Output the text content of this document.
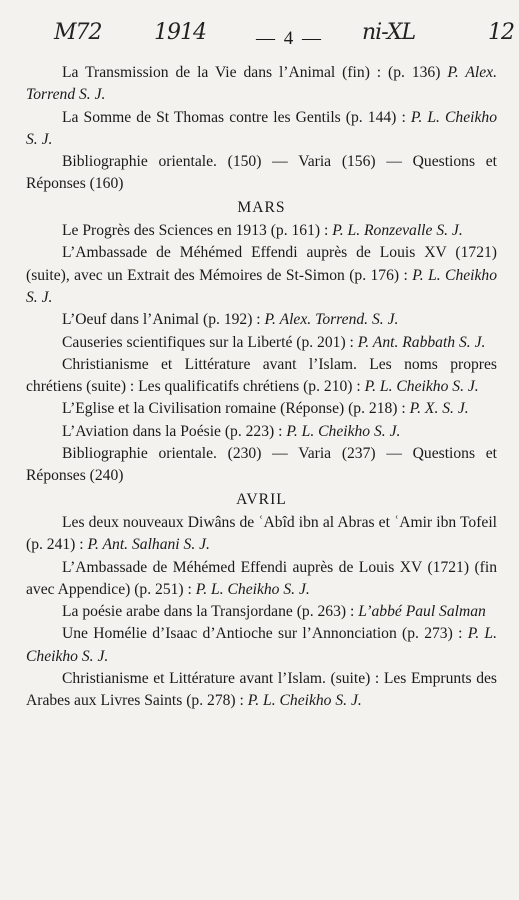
M72 1914	— 4 — ni-XL	12

La Transmission de la Vie dans l’Animal (fin) : (p. 136) P. Alex. Torrend S. J.

La Somme de St Thomas contre les Gentils (p. 144) : P. L. Cheikho S. J.

Bibliographie orientale. (150) — Varia (156) — Questions et Réponses (160)

MARS

Le Progrès des Sciences en 1913 (p. 161) : P. L. Ronzevalle S. J.

L’Ambassade de Méhémed Effendi auprès de Louis XV (1721) (suite), avec un Extrait des Mémoires de St-Simon (p. 176) : P. L. Cheikho S. J.

L’Oeuf dans l’Animal (p. 192) : P. Alex. Torrend. S. J.

Causeries scientifiques sur la Liberté (p. 201) : P. Ant. Rabbath S. J.

Christianisme et Littérature avant l’Islam. Les noms propres chrétiens (suite) : Les qualificatifs chrétiens (p. 210) : P. L. Cheikho S. J.

L’Eglise et la Civilisation romaine (Réponse) (p. 218) : P. X. S. J.

L’Aviation dans la Poésie (p. 223) : P. L. Cheikho S. J.

Bibliographie orientale. (230) — Varia (237) — Questions et Réponses (240)

AVRIL

Les deux nouveaux Diwâns de ʿAbîd ibn al Abras et ʿAmir ibn Tofeil (p. 241) : P. Ant. Salhani S. J.

L’Ambassade de Méhémed Effendi auprès de Louis XV (1721) (fin avec Appendice) (p. 251) : P. L. Cheikho S. J.

La poésie arabe dans la Transjordane (p. 263) : L’abbé Paul Salman

Une Homélie d’Isaac d’Antioche sur l’Annonciation (p. 273) : P. L. Cheikho S. J.

Christianisme et Littérature avant l’Islam. (suite) : Les Emprunts des Arabes aux Livres Saints (p. 278) : P. L. Cheikho S. J.
